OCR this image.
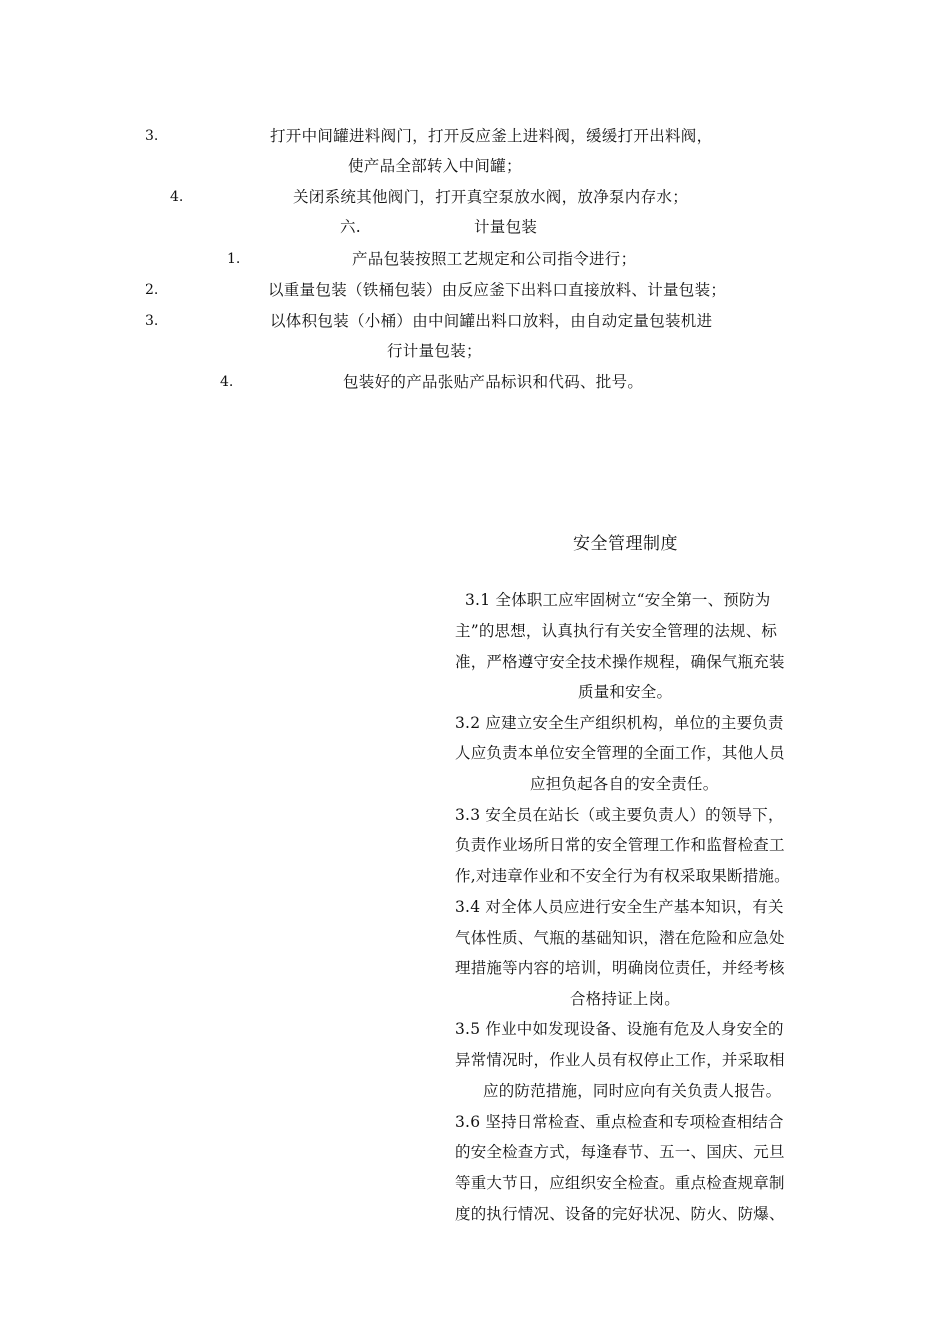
3.	打开中间罐进料阀门，打开反应釜上进料阀，缓缓打开出料阀，
使产品全部转入中间罐；
4.	关闭系统其他阀门，打开真空泵放水阀，放净泵内存水；
六.	计量包装
1.	产品包装按照工艺规定和公司指令进行；
2.	以重量包装（铁桶包装）由反应釜下出料口直接放料、计量包装；
3.	以体积包装（小桶）由中间罐出料口放料，由自动定量包装机进
行计量包装；
4.	包装好的产品张贴产品标识和代码、批号。
安全管理制度
3.1 全体职工应牢固树立“安全第一、预防为
主”的思想，认真执行有关安全管理的法规、标
准，严格遵守安全技术操作规程，确保气瓶充装
质量和安全。
3.2 应建立安全生产组织机构，单位的主要负责
人应负责本单位安全管理的全面工作，其他人员
应担负起各自的安全责任。
3.3 安全员在站长（或主要负责人）的领导下，
负责作业场所日常的安全管理工作和监督检查工
作,对违章作业和不安全行为有权采取果断措施。
3.4 对全体人员应进行安全生产基本知识，有关
气体性质、气瓶的基础知识，潜在危险和应急处
理措施等内容的培训，明确岗位责任，并经考核
合格持证上岗。
3.5 作业中如发现设备、设施有危及人身安全的
异常情况时，作业人员有权停止工作，并采取相
应的防范措施，同时应向有关负责人报告。
3.6 坚持日常检查、重点检查和专项检查相结合
的安全检查方式，每逢春节、五一、国庆、元旦
等重大节日，应组织安全检查。重点检查规章制
度的执行情况、设备的完好状况、防火、防爆、
